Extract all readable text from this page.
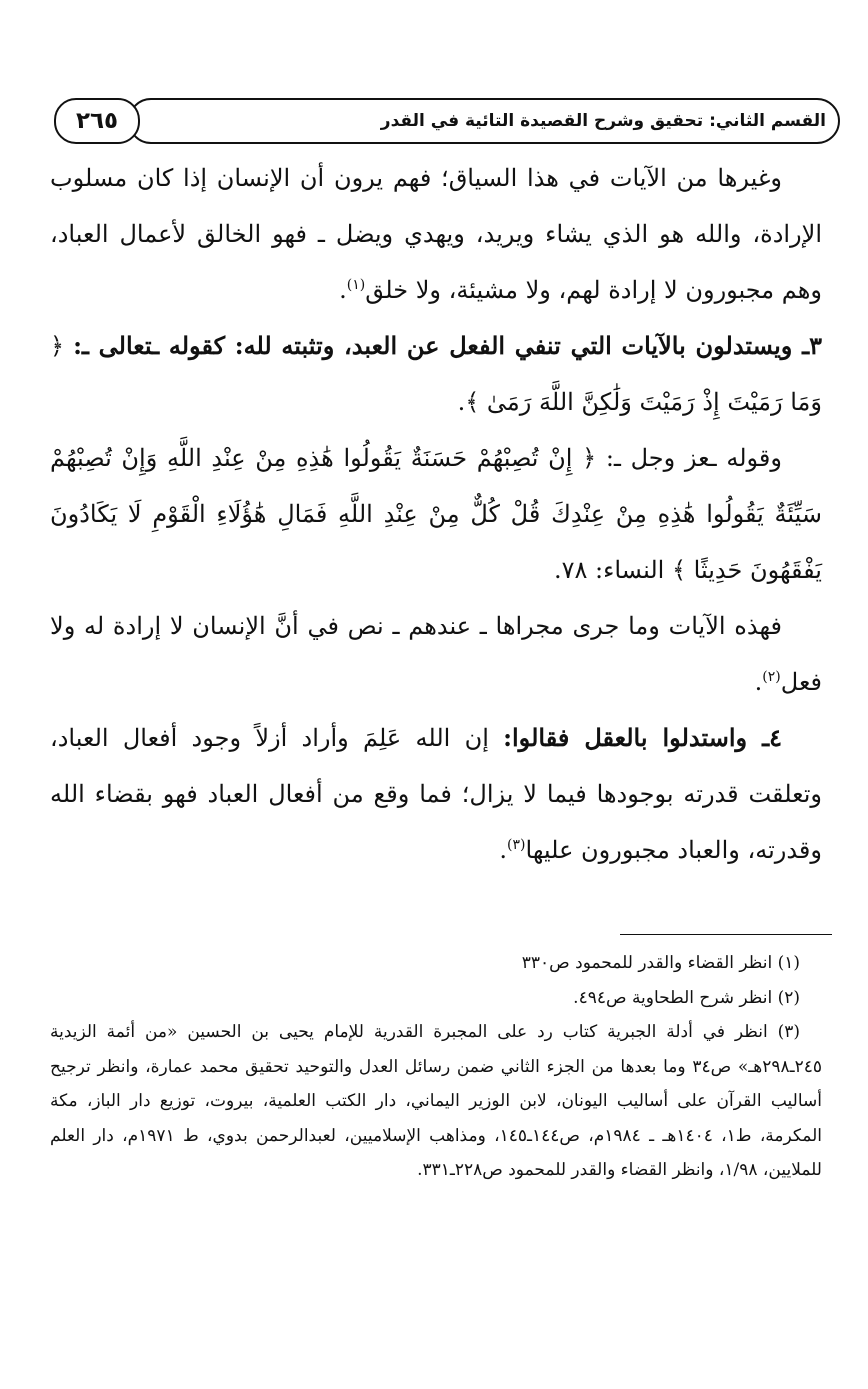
٢٦٥	القسم الثاني: تحقيق وشرح القصيدة التائية في القدر

وغيرها من الآيات في هذا السياق؛ فهم يرون أن الإنسان إذا كان مسلوب الإرادة، والله هو الذي يشاء ويريد، ويهدي ويضل ـ فهو الخالق لأعمال العباد، وهم مجبورون لا إرادة لهم، ولا مشيئة، ولا خلق$^{(١)}$.

٣ـ ويستدلون بالآيات التي تنفي الفعل عن العبد، وتثبته لله: كقوله ـتعالى ـ: ﴿ وَمَا رَمَيْتَ إِذْ رَمَيْتَ وَلَٰكِنَّ اللَّهَ رَمَىٰ ﴾.

وقوله ـعز وجل ـ: ﴿ إِنْ تُصِبْهُمْ حَسَنَةٌ يَقُولُوا هَٰذِهِ مِنْ عِنْدِ اللَّهِ وَإِنْ تُصِبْهُمْ سَيِّئَةٌ يَقُولُوا هَٰذِهِ مِنْ عِنْدِكَ قُلْ كُلٌّ مِنْ عِنْدِ اللَّهِ فَمَالِ هَٰؤُلَاءِ الْقَوْمِ لَا يَكَادُونَ يَفْقَهُونَ حَدِيثًا ﴾ النساء: ٧٨.

فهذه الآيات وما جرى مجراها ـ عندهم ـ نص في أنَّ الإنسان لا إرادة له ولا فعل$^{(٢)}$.

٤ـ واستدلوا بالعقل فقالوا: إن الله عَلِمَ وأراد أزلاً وجود أفعال العباد، وتعلقت قدرته بوجودها فيما لا يزال؛ فما وقع من أفعال العباد فهو بقضاء الله وقدرته، والعباد مجبورون عليها$^{(٣)}$.

(١) انظر القضاء والقدر للمحمود ص٣٣٠

(٢) انظر شرح الطحاوية ص٤٩٤.

(٣) انظر في أدلة الجبرية كتاب رد على المجبرة القدرية للإمام يحيى بن الحسين «من أئمة الزيدية ٢٤٥ـ٢٩٨هـ» ص٣٤ وما بعدها من الجزء الثاني ضمن رسائل العدل والتوحيد تحقيق محمد عمارة، وانظر ترجيح أساليب القرآن على أساليب اليونان، لابن الوزير اليماني، دار الكتب العلمية، بيروت، توزيع دار الباز، مكة المكرمة، ط١، ١٤٠٤هـ ـ ١٩٨٤م، ص١٤٤ـ١٤٥، ومذاهب الإسلاميين، لعبدالرحمن بدوي، ط ١٩٧١م، دار العلم للملايين، ١/٩٨، وانظر القضاء والقدر للمحمود ص٢٢٨ـ٣٣١.
